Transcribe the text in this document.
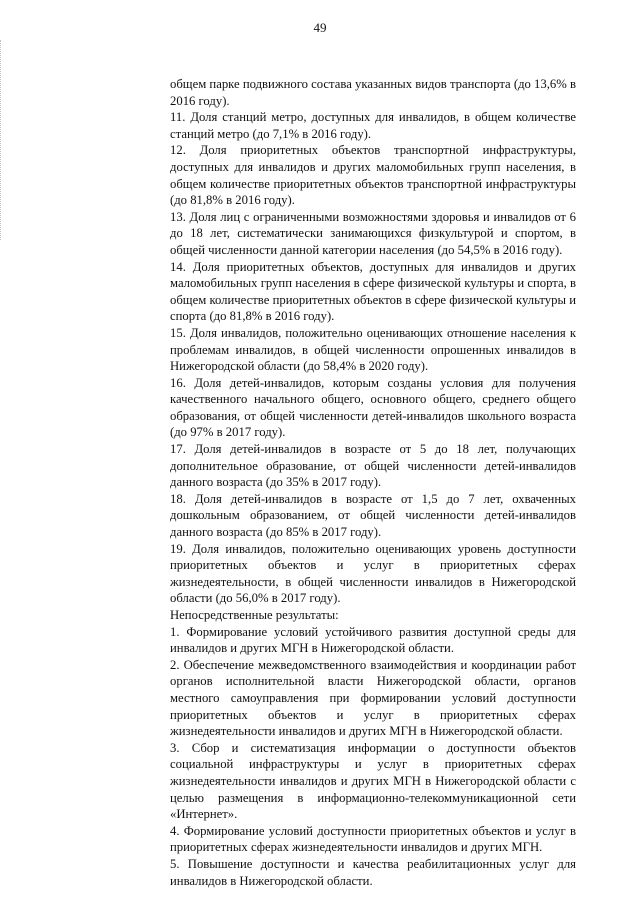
49

общем парке подвижного состава указанных видов транспорта (до 13,6% в 2016 году).

11. Доля станций метро, доступных для инвалидов, в общем количестве станций метро (до 7,1% в 2016 году).

12. Доля приоритетных объектов транспортной инфраструктуры, доступных для инвалидов и других маломобильных групп населения, в общем количестве приоритетных объектов транспортной инфраструктуры (до 81,8% в 2016 году).

13. Доля лиц с ограниченными возможностями здоровья и инвалидов от 6 до 18 лет, систематически занимающихся физкультурой и спортом, в общей численности данной категории населения (до 54,5% в 2016 году).

14. Доля приоритетных объектов, доступных для инвалидов и других маломобильных групп населения в сфере физической культуры и спорта, в общем количестве приоритетных объектов в сфере физической культуры и спорта (до 81,8% в 2016 году).

15. Доля инвалидов, положительно оценивающих отношение населения к проблемам инвалидов, в общей численности опрошенных инвалидов в Нижегородской области (до 58,4% в 2020 году).

16. Доля детей-инвалидов, которым созданы условия для получения качественного начального общего, основного общего, среднего общего образования, от общей численности детей-инвалидов школьного возраста (до 97% в 2017 году).

17. Доля детей-инвалидов в возрасте от 5 до 18 лет, получающих дополнительное образование, от общей численности детей-инвалидов данного возраста (до 35% в 2017 году).

18. Доля детей-инвалидов в возрасте от 1,5 до 7 лет, охваченных дошкольным образованием, от общей численности детей-инвалидов данного возраста (до 85% в 2017 году).

19. Доля инвалидов, положительно оценивающих уровень доступности приоритетных объектов и услуг в приоритетных сферах жизнедеятельности, в общей численности инвалидов в Нижегородской области (до 56,0% в 2017 году).

Непосредственные результаты:

1. Формирование условий устойчивого развития доступной среды для инвалидов и других МГН в Нижегородской области.

2. Обеспечение межведомственного взаимодействия и координации работ органов исполнительной власти Нижегородской области, органов местного самоуправления при формировании условий доступности приоритетных объектов и услуг в приоритетных сферах жизнедеятельности инвалидов и других МГН в Нижегородской области.

3. Сбор и систематизация информации о доступности объектов социальной инфраструктуры и услуг в приоритетных сферах жизнедеятельности инвалидов и других МГН в Нижегородской области с целью размещения в информационно-телекоммуникационной сети «Интернет».

4. Формирование условий доступности приоритетных объектов и услуг в приоритетных сферах жизнедеятельности инвалидов и других МГН.

5. Повышение доступности и качества реабилитационных услуг для инвалидов в Нижегородской области.
